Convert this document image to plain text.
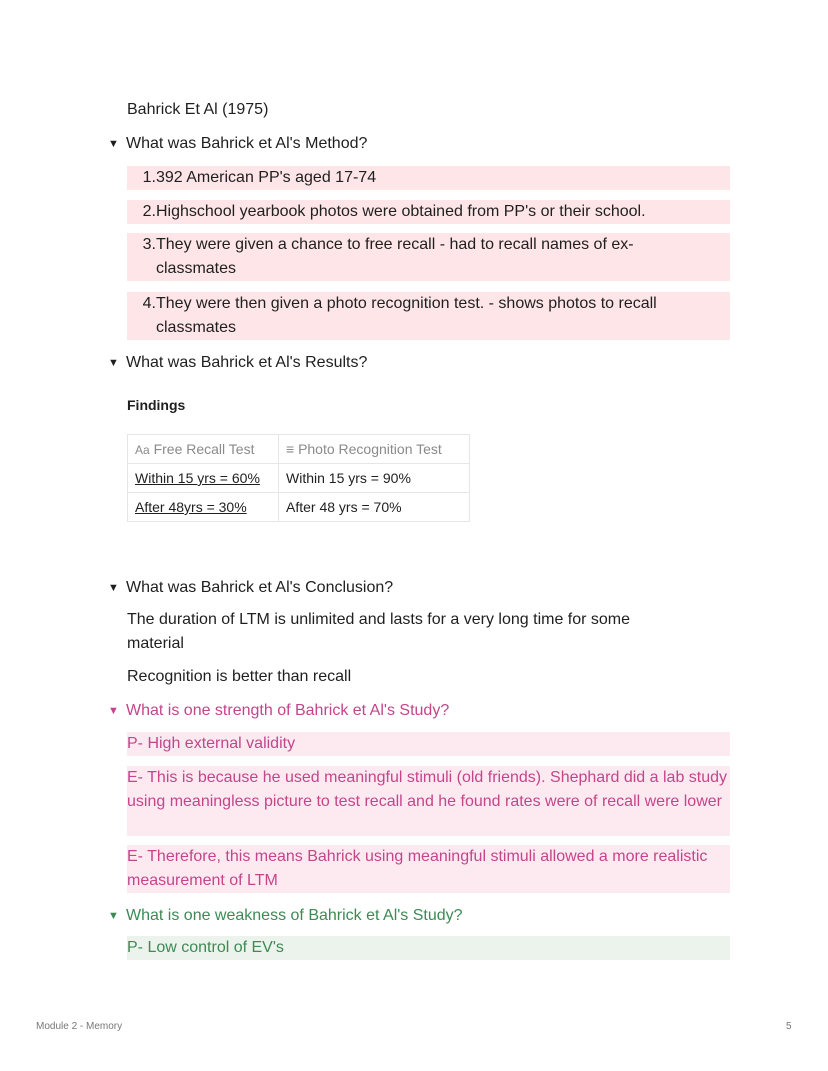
Bahrick Et Al (1975)
▼ What was Bahrick et Al's Method?
1. 392 American PP's aged 17-74
2. Highschool yearbook photos were obtained from PP's or their school.
3. They were given a chance to free recall - had to recall names of ex-classmates
4. They were then given a photo recognition test. - shows photos to recall classmates
▼ What was Bahrick et Al's Results?
Findings
Aa Free Recall Test	≡ Photo Recognition Test
Within 15 yrs = 60%	Within 15 yrs = 90%
After 48yrs = 30%	After 48 yrs = 70%
▼ What was Bahrick et Al's Conclusion?
The duration of LTM is unlimited and lasts for a very long time for some material
Recognition is better than recall
▼ What is one strength of Bahrick et Al's Study?
P- High external validity
E- This is because he used meaningful stimuli (old friends). Shephard did a lab study using meaningless picture to test recall and he found rates were of recall were lower
E- Therefore, this means Bahrick using meaningful stimuli allowed a more realistic measurement of LTM
▼ What is one weakness of Bahrick et Al's Study?
P- Low control of EV's
Module 2 - Memory	5
